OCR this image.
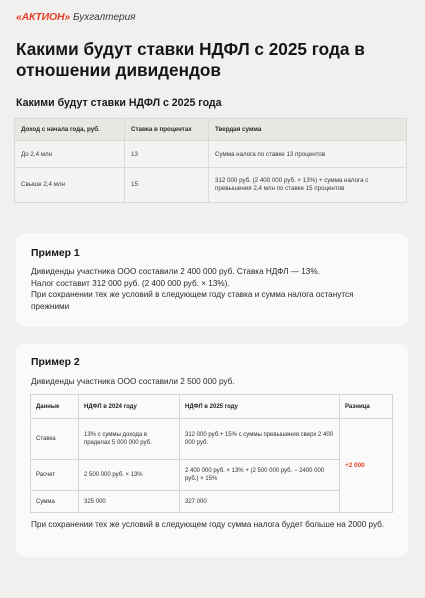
«АКТИОН» Бухгалтерия
Какими будут ставки НДФЛ с 2025 года в отношении дивидендов
Какими будут ставки НДФЛ с 2025 года
Доход с начала года, руб.	Ставка в процентах	Твердая сумма
До 2,4 млн	13	Сумма налога по ставке 13 процентов
Свыше 2,4 млн	15	312 000 руб. (2 400 000 руб. × 13%) + сумма налога с превышения 2,4 млн по ставке 15 процентов
Пример 1
Дивиденды участника ООО составили 2 400 000 руб. Ставка НДФЛ — 13%.
Налог составит 312 000 руб. (2 400 000 руб. × 13%).
При сохранении тех же условий в следующем году ставка и сумма налога останутся прежними
Пример 2
Дивиденды участника ООО составили 2 500 000 руб.
Данные	НДФЛ в 2024 году	НДФЛ в 2025 году	Разница
Ставка	13% с суммы дохода в пределах 5 000 000 руб.	312 000 руб.+ 15% с суммы превышения сверх 2 400 000 руб.	+2 000
Расчет	2 500 000 руб. × 13%	2 400 000 руб. × 13% + (2 500 000 руб. − 2400 000 руб.) × 15%	
Сумма	325 000	327 000	
При сохранении тех же условий в следующем году сумма налога будет больше на 2000 руб.
